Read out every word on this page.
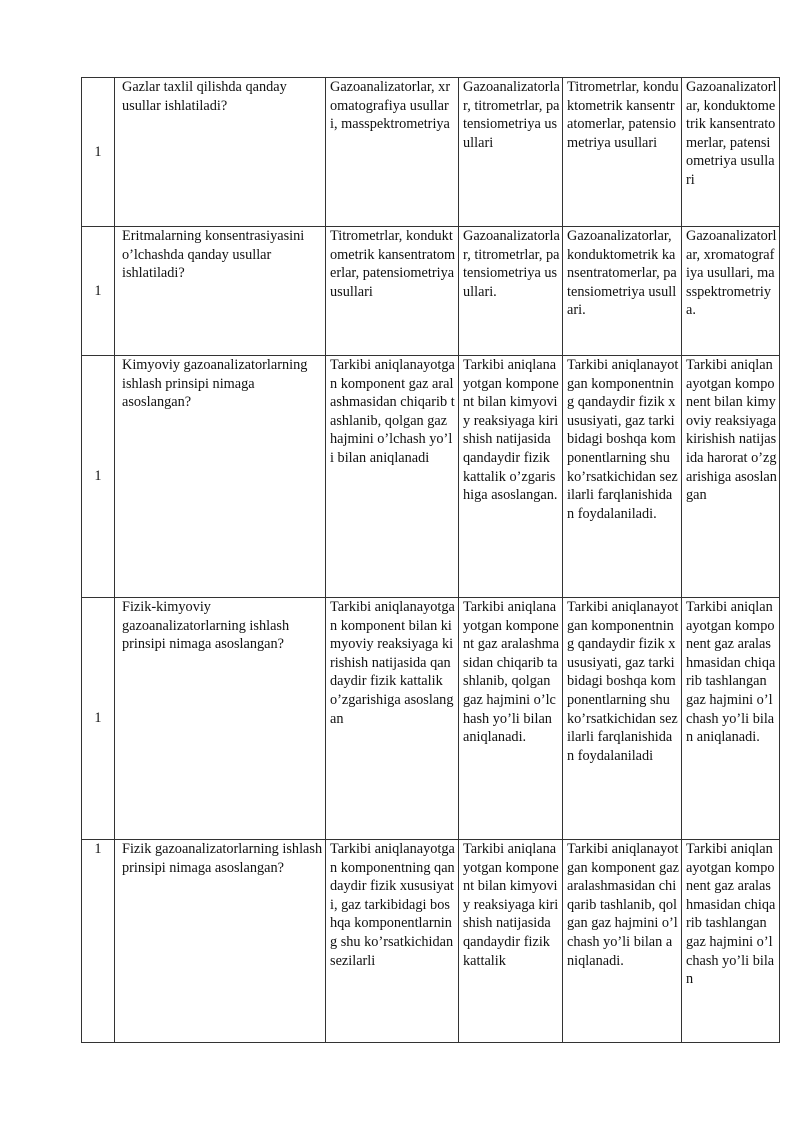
1	Gazlar taxlil qilishda qanday usullar ishlatiladi?	Gazoanalizatorlar, xromatografiya usullari, masspektrometriya	Gazoanalizatorlar, titrometrlar, patensiometriya usullari	Titrometrlar, konduktometrik kansentratomerlar, patensiometriya usullari	Gazoanalizatorlar, konduktometrik kansentratomerlar, patensiometriya usullari

1	Eritmalarning konsentrasiyasini o’lchashda qanday usullar ishlatiladi?	Titrometrlar, konduktometrik kansentratomerlar, patensiometriya usullari	Gazoanalizatorlar, titrometrlar, patensiometriya usullari.	Gazoanalizatorlar, konduktometrik kansentratomerlar, patensiometriya usullari.	Gazoanalizatorlar, xromatografiya usullari, masspektrometriya.

1	Kimyoviy gazoanalizatorlarning ishlash prinsipi nimaga asoslangan?	Tarkibi aniqlanayotgan komponent gaz aralashmasidan chiqarib tashlanib, qolgan gaz hajmini o’lchash yo’li bilan aniqlanadi	Tarkibi aniqlanayotgan komponent bilan kimyoviy reaksiyaga kirishish natijasida qandaydir fizik kattalik o’zgarishiga asoslangan.	Tarkibi aniqlanayotgan komponentning qandaydir fizik xususiyati, gaz tarkibidagi boshqa komponentlarning shu ko’rsatkichidan sezilarli farqlanishidan foydalaniladi.	Tarkibi aniqlanayotgan komponent bilan kimyoviy reaksiyaga kirishish natijasida harorat o’zgarishiga asoslangan

1	Fizik-kimyoviy gazoanalizatorlarning ishlash prinsipi nimaga asoslangan?	Tarkibi aniqlanayotgan komponent bilan kimyoviy reaksiyaga kirishish natijasida qandaydir fizik kattalik o’zgarishiga asoslangan	Tarkibi aniqlanayotgan komponent gaz aralashmasidan chiqarib tashlanib, qolgan gaz hajmini o’lchash yo’li bilan aniqlanadi.	Tarkibi aniqlanayotgan komponentning qandaydir fizik xususiyati, gaz tarkibidagi boshqa komponentlarning shu ko’rsatkichidan sezilarli farqlanishidan foydalaniladi	Tarkibi aniqlanayotgan komponent gaz aralashmasidan chiqarib tashlangan gaz hajmini o’lchash yo’li bilan aniqlanadi.

1	Fizik gazoanalizatorlarning ishlash prinsipi nimaga asoslangan?	Tarkibi aniqlanayotgan komponentning qandaydir fizik xususiyati, gaz tarkibidagi boshqa komponentlarning shu ko’rsatkichidan sezilarli	Tarkibi aniqlanayotgan komponent bilan kimyoviy reaksiyaga kirishish natijasida qandaydir fizik kattalik	Tarkibi aniqlanayotgan komponent gaz aralashmasidan chiqarib tashlanib, qolgan gaz hajmini o’lchash yo’li bilan aniqlanadi.	Tarkibi aniqlanayotgan komponent gaz aralashmasidan chiqarib tashlangan gaz hajmini o’lchash yo’li bilan
